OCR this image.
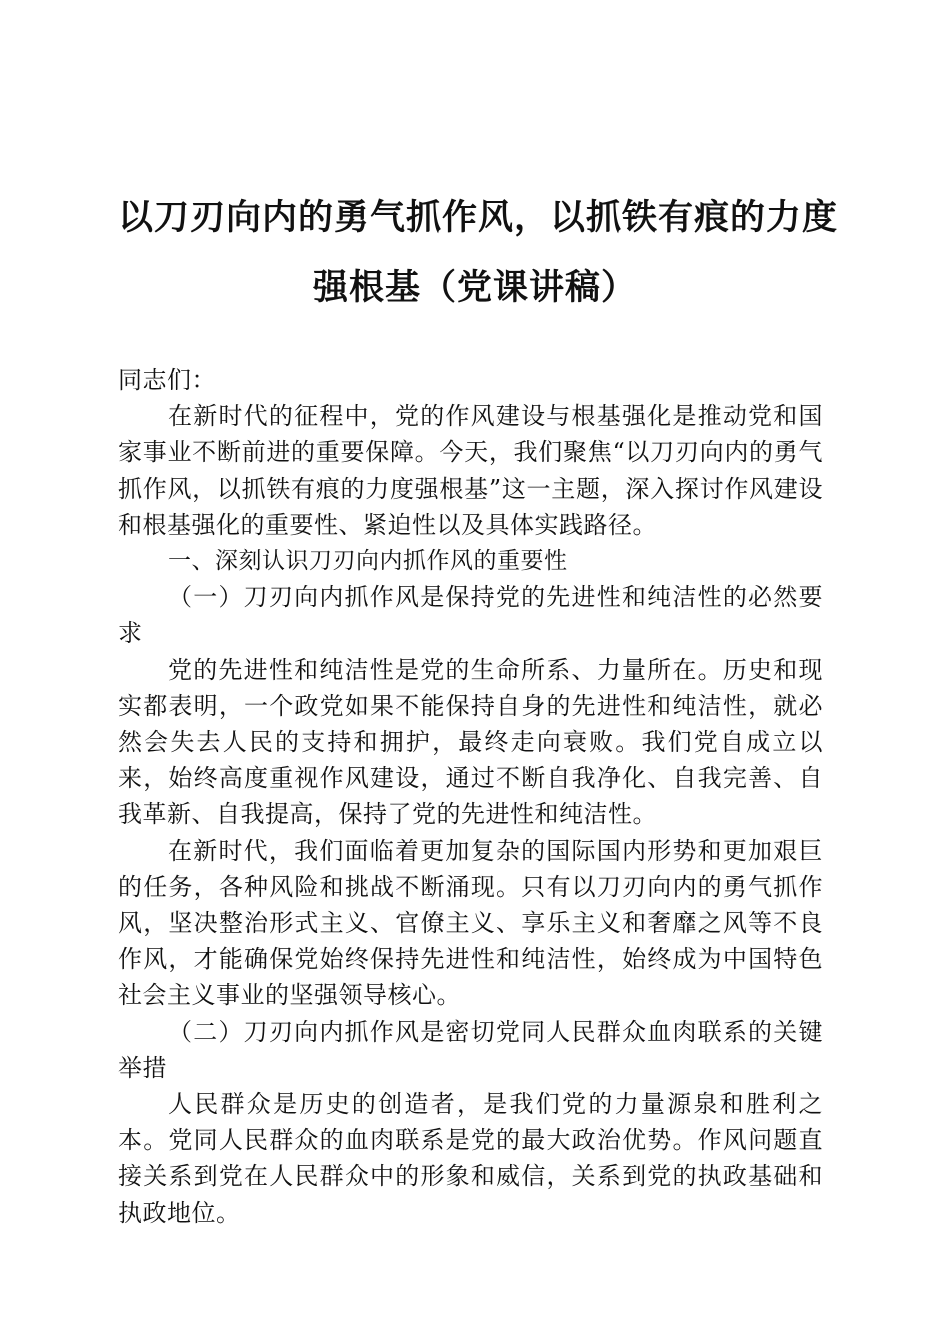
以刀刃向内的勇气抓作风，以抓铁有痕的力度
强根基（党课讲稿）

同志们：

在新时代的征程中，党的作风建设与根基强化是推动党和国家事业不断前进的重要保障。今天，我们聚焦“以刀刃向内的勇气抓作风，以抓铁有痕的力度强根基”这一主题，深入探讨作风建设和根基强化的重要性、紧迫性以及具体实践路径。

一、深刻认识刀刃向内抓作风的重要性

（一）刀刃向内抓作风是保持党的先进性和纯洁性的必然要求

党的先进性和纯洁性是党的生命所系、力量所在。历史和现实都表明，一个政党如果不能保持自身的先进性和纯洁性，就必然会失去人民的支持和拥护，最终走向衰败。我们党自成立以来，始终高度重视作风建设，通过不断自我净化、自我完善、自我革新、自我提高，保持了党的先进性和纯洁性。

在新时代，我们面临着更加复杂的国际国内形势和更加艰巨的任务，各种风险和挑战不断涌现。只有以刀刃向内的勇气抓作风，坚决整治形式主义、官僚主义、享乐主义和奢靡之风等不良作风，才能确保党始终保持先进性和纯洁性，始终成为中国特色社会主义事业的坚强领导核心。

（二）刀刃向内抓作风是密切党同人民群众血肉联系的关键举措

人民群众是历史的创造者，是我们党的力量源泉和胜利之本。党同人民群众的血肉联系是党的最大政治优势。作风问题直接关系到党在人民群众中的形象和威信，关系到党的执政基础和执政地位。
